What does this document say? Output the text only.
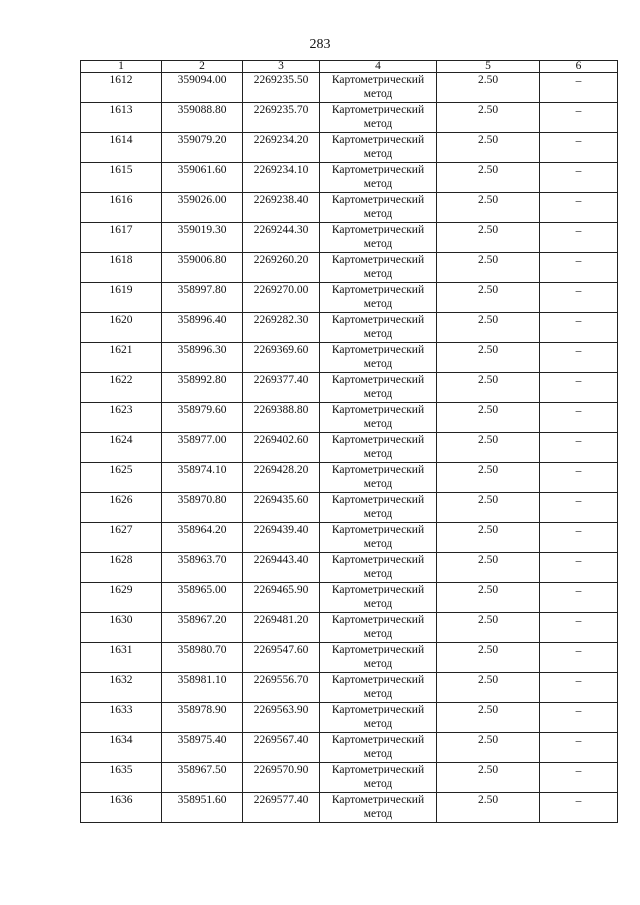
283
1	2	3	4	5	6
1612	359094.00	2269235.50	Картометрический
метод	2.50	–

1613	359088.80	2269235.70	Картометрический
метод	2.50	–

1614	359079.20	2269234.20	Картометрический
метод	2.50	–

1615	359061.60	2269234.10	Картометрический
метод	2.50	–

1616	359026.00	2269238.40	Картометрический
метод	2.50	–

1617	359019.30	2269244.30	Картометрический
метод	2.50	–

1618	359006.80	2269260.20	Картометрический
метод	2.50	–

1619	358997.80	2269270.00	Картометрический
метод	2.50	–

1620	358996.40	2269282.30	Картометрический
метод	2.50	–

1621	358996.30	2269369.60	Картометрический
метод	2.50	–

1622	358992.80	2269377.40	Картометрический
метод	2.50	–

1623	358979.60	2269388.80	Картометрический
метод	2.50	–

1624	358977.00	2269402.60	Картометрический
метод	2.50	–

1625	358974.10	2269428.20	Картометрический
метод	2.50	–

1626	358970.80	2269435.60	Картометрический
метод	2.50	–

1627	358964.20	2269439.40	Картометрический
метод	2.50	–

1628	358963.70	2269443.40	Картометрический
метод	2.50	–

1629	358965.00	2269465.90	Картометрический
метод	2.50	–

1630	358967.20	2269481.20	Картометрический
метод	2.50	–

1631	358980.70	2269547.60	Картометрический
метод	2.50	–

1632	358981.10	2269556.70	Картометрический
метод	2.50	–

1633	358978.90	2269563.90	Картометрический
метод	2.50	–

1634	358975.40	2269567.40	Картометрический
метод	2.50	–

1635	358967.50	2269570.90	Картометрический
метод	2.50	–

1636	358951.60	2269577.40	Картометрический
метод	2.50	–
